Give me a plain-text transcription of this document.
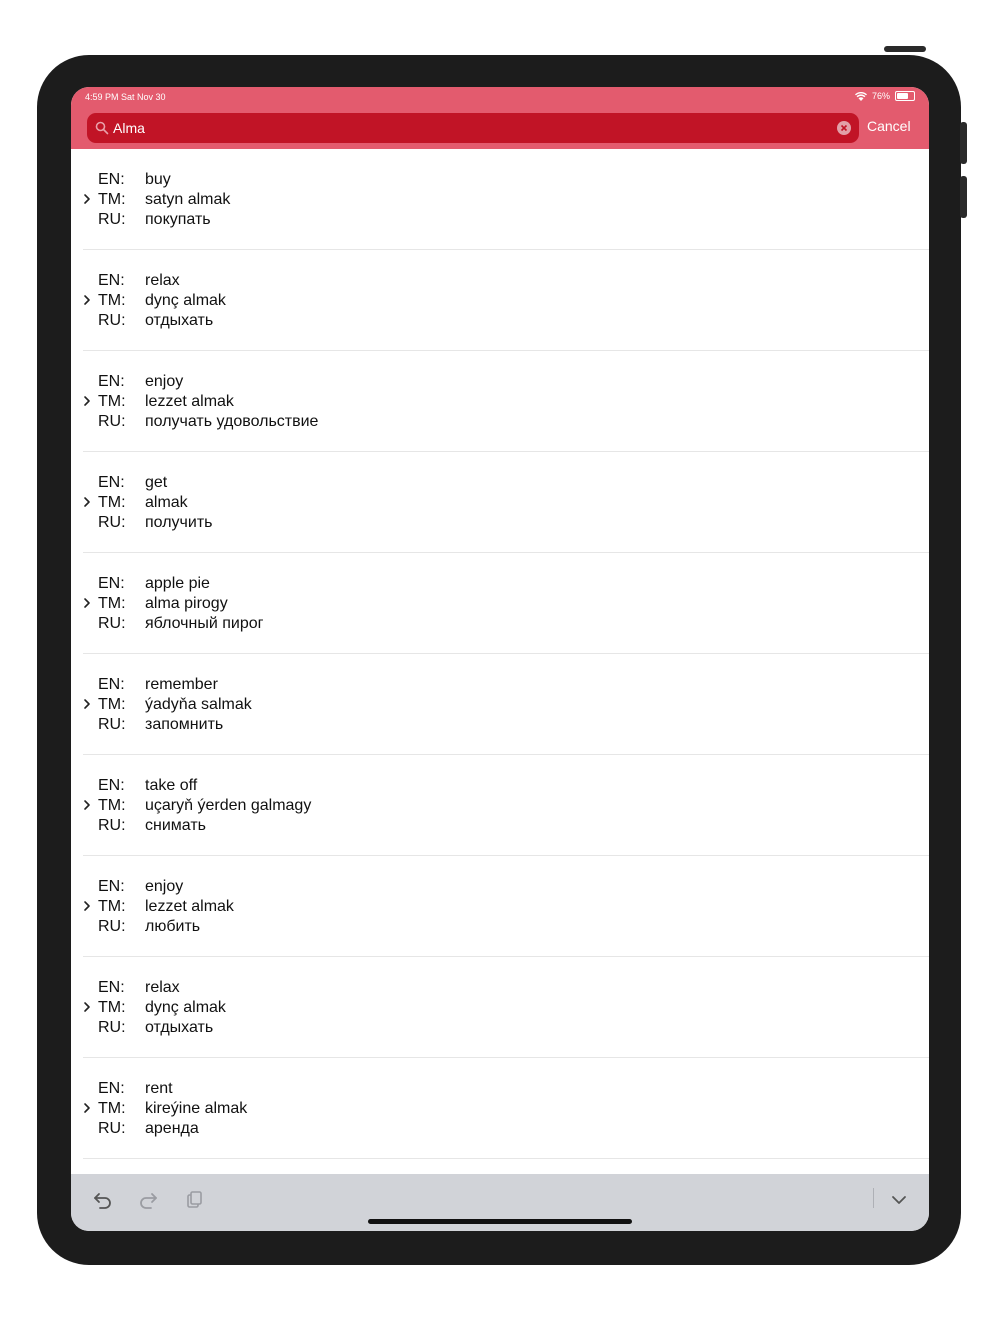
4:59 PM Sat Nov 30	76%
Alma
Cancel
EN: buy
TM: satyn almak
RU: покупать
EN: relax
TM: dynç almak
RU: отдыхать
EN: enjoy
TM: lezzet almak
RU: получать удовольствие
EN: get
TM: almak
RU: получить
EN: apple pie
TM: alma pirogy
RU: яблочный пирог
EN: remember
TM: ýadyňa salmak
RU: запомнить
EN: take off
TM: uçaryň ýerden galmagy
RU: снимать
EN: enjoy
TM: lezzet almak
RU: любить
EN: relax
TM: dynç almak
RU: отдыхать
EN: rent
TM: kireýine almak
RU: аренда
